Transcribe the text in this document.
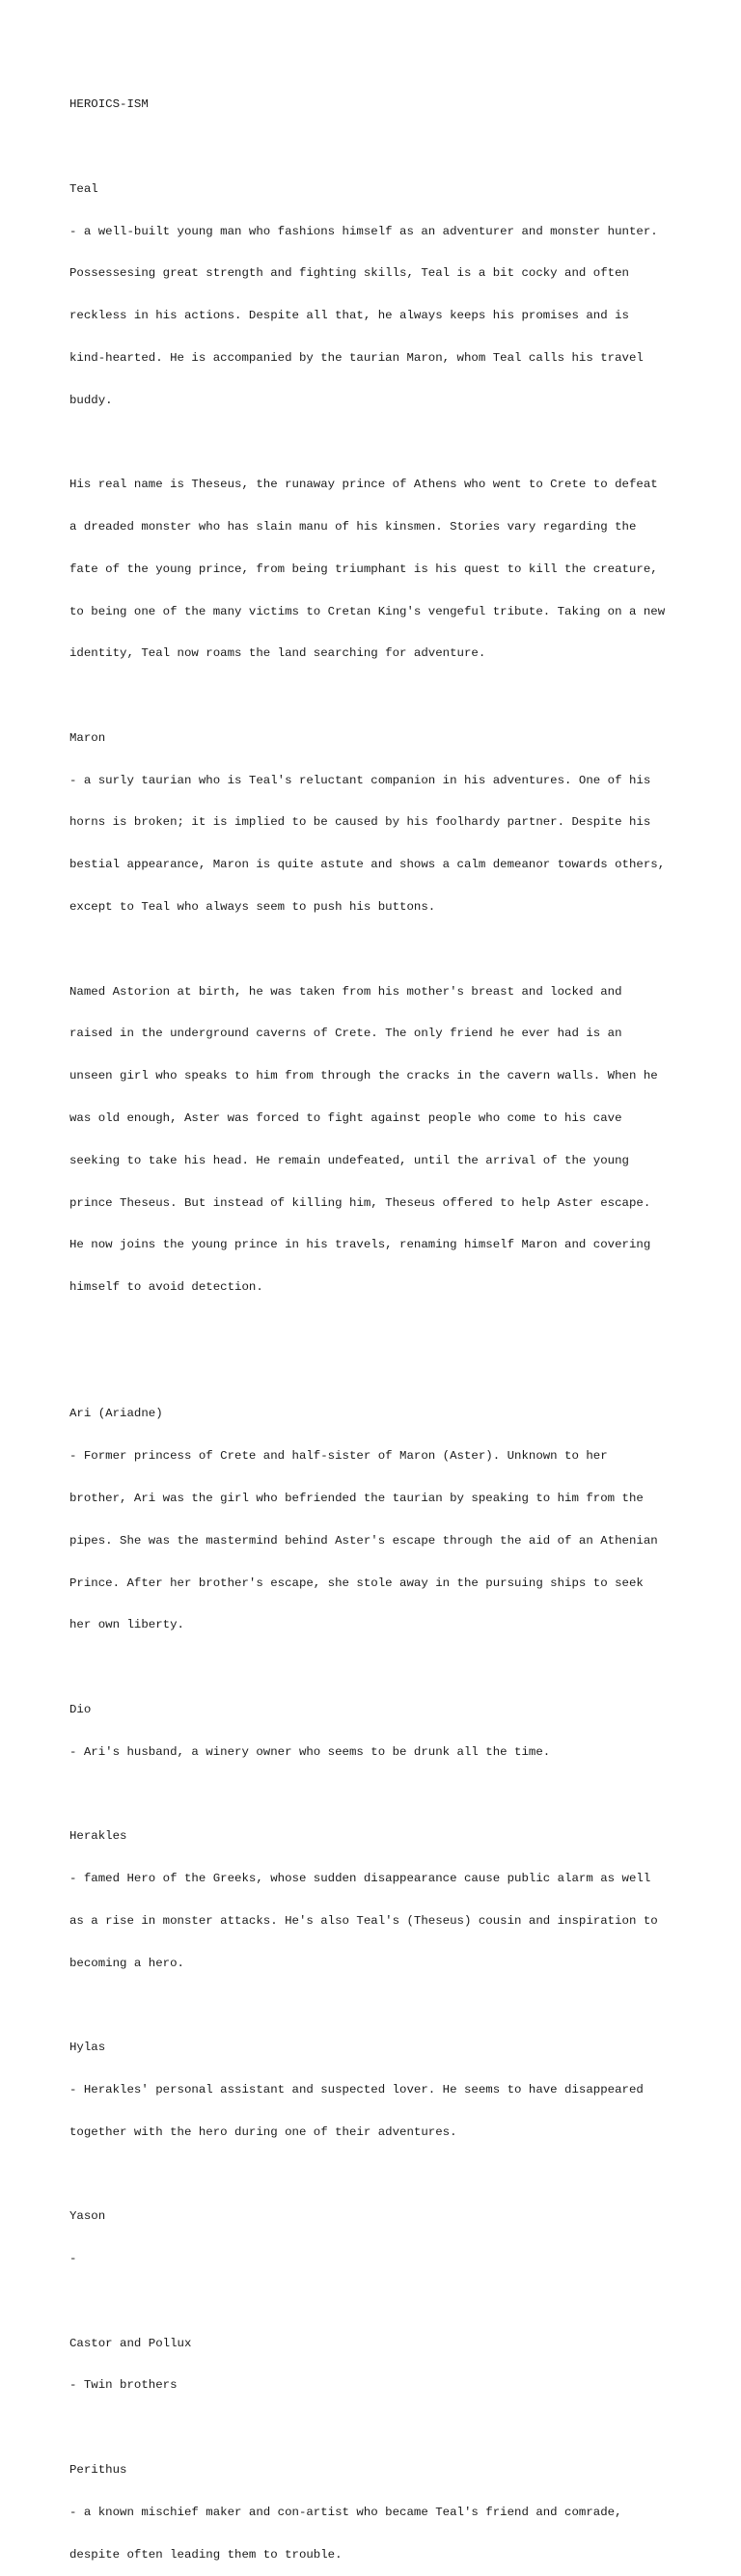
HEROICS-ISM

Teal

- a well-built young man who fashions himself as an adventurer and monster hunter.

Possessesing great strength and fighting skills, Teal is a bit cocky and often

reckless in his actions. Despite all that, he always keeps his promises and is

kind-hearted. He is accompanied by the taurian Maron, whom Teal calls his travel

buddy.

His real name is Theseus, the runaway prince of Athens who went to Crete to defeat

a dreaded monster who has slain manu of his kinsmen. Stories vary regarding the

fate of the young prince, from being triumphant is his quest to kill the creature,

to being one of the many victims to Cretan King's vengeful tribute. Taking on a new

identity, Teal now roams the land searching for adventure.

Maron

- a surly taurian who is Teal's reluctant companion in his adventures. One of his

horns is broken; it is implied to be caused by his foolhardy partner. Despite his

bestial appearance, Maron is quite astute and shows a calm demeanor towards others,

except to Teal who always seem to push his buttons.

Named Astorion at birth, he was taken from his mother's breast and locked and

raised in the underground caverns of Crete. The only friend he ever had is an

unseen girl who speaks to him from through the cracks in the cavern walls. When he

was old enough, Aster was forced to fight against people who come to his cave

seeking to take his head. He remain undefeated, until the arrival of the young

prince Theseus. But instead of killing him, Theseus offered to help Aster escape.

He now joins the young prince in his travels, renaming himself Maron and covering

himself to avoid detection.

Ari (Ariadne)

- Former princess of Crete and half-sister of Maron (Aster). Unknown to her

brother, Ari was the girl who befriended the taurian by speaking to him from the

pipes. She was the mastermind behind Aster's escape through the aid of an Athenian

Prince. After her brother's escape, she stole away in the pursuing ships to seek

her own liberty.

Dio

- Ari's husband, a winery owner who seems to be drunk all the time.

Herakles

- famed Hero of the Greeks, whose sudden disappearance cause public alarm as well

as a rise in monster attacks. He's also Teal's (Theseus) cousin and inspiration to

becoming a hero.

Hylas

- Herakles' personal assistant and suspected lover. He seems to have disappeared

together with the hero during one of their adventures.

Yason

-

Castor and Pollux

- Twin brothers

Perithus

- a known mischief maker and con-artist who became Teal's friend and comrade,

despite often leading them to trouble.
